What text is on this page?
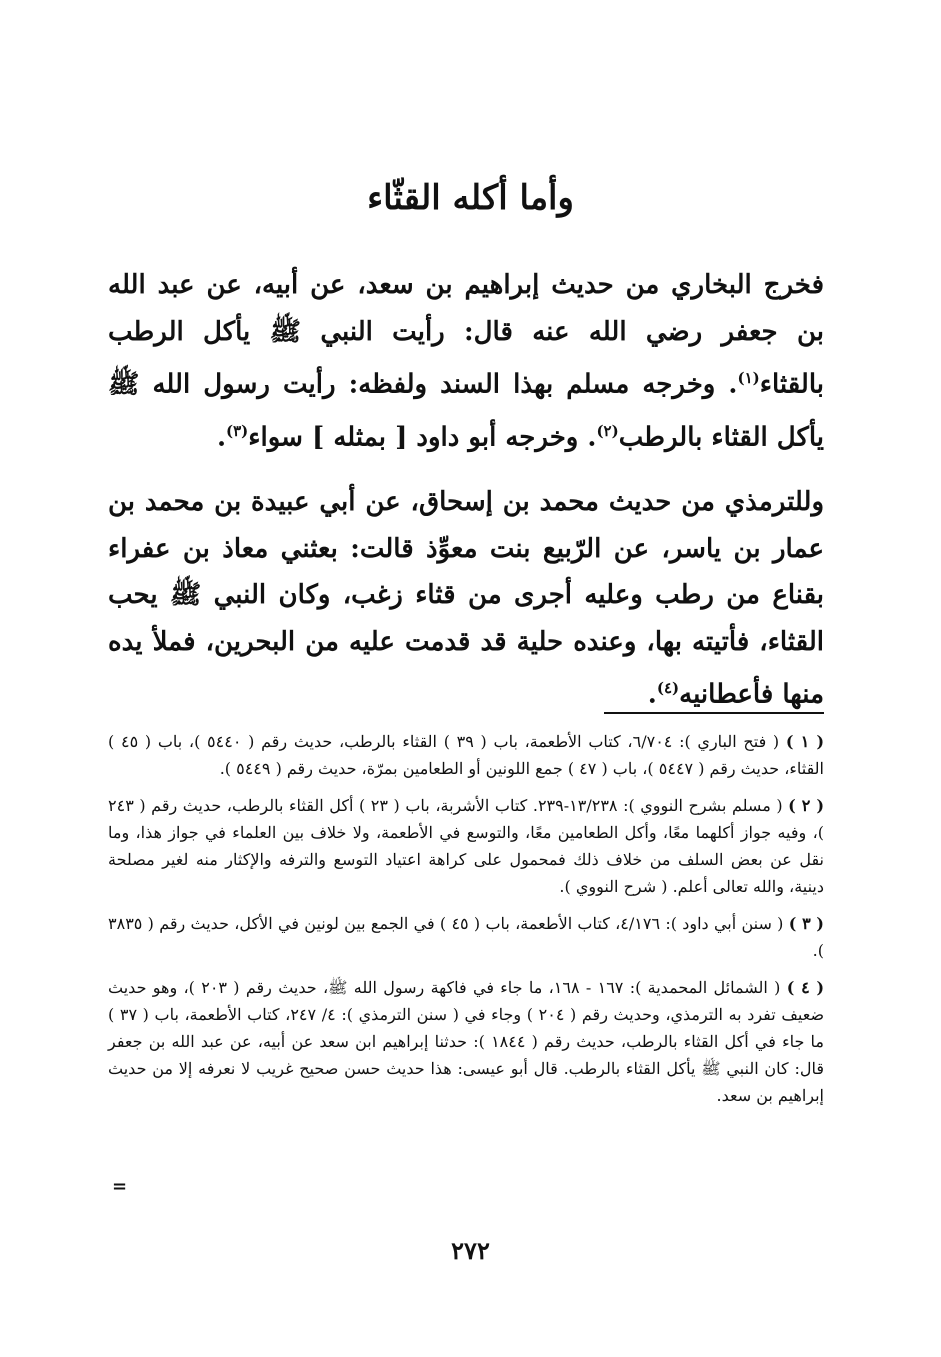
وأما أكله القثّاء

فخرج البخاري من حديث إبراهيم بن سعد، عن أبيه، عن عبد الله بن جعفر رضي الله عنه قال: رأيت النبي ﷺ يأكل الرطب بالقثاء$^{(١)}$. وخرجه مسلم بهذا السند ولفظه: رأيت رسول الله ﷺ يأكل القثاء بالرطب$^{(٢)}$. وخرجه أبو داود [ بمثله ] سواء$^{(٣)}$.

وللترمذي من حديث محمد بن إسحاق، عن أبي عبيدة بن محمد بن عمار بن ياسر، عن الرّبيع بنت معوِّذ قالت: بعثني معاذ بن عفراء بقناع من رطب وعليه أجرى من قثاء زغب، وكان النبي ﷺ يحب القثاء، فأتيته بها، وعنده حلية قد قدمت عليه من البحرين، فملأ يده منها فأعطانيه$^{(٤)}$.

( ١ ) ( فتح الباري ): ٦/٧٠٤، كتاب الأطعمة، باب ( ٣٩ ) القثاء بالرطب، حديث رقم ( ٥٤٤٠ )، باب ( ٤٥ ) القثاء، حديث رقم ( ٥٤٤٧ )، باب ( ٤٧ ) جمع اللونين أو الطعامين بمرّة، حديث رقم ( ٥٤٤٩ ).
( ٢ ) ( مسلم بشرح النووي ): ١٣/٢٣٨-٢٣٩. كتاب الأشربة، باب ( ٢٣ ) أكل القثاء بالرطب، حديث رقم ( ٢٤٣ )، وفيه جواز أكلهما معًا، وأكل الطعامين معًا، والتوسع في الأطعمة، ولا خلاف بين العلماء في جواز هذا، وما نقل عن بعض السلف من خلاف ذلك فمحمول على كراهة اعتياد التوسع والترفه والإكثار منه لغير مصلحة دينية، والله تعالى أعلم. ( شرح النووي ).
( ٣ ) ( سنن أبي داود ): ٤/١٧٦، كتاب الأطعمة، باب ( ٤٥ ) في الجمع بين لونين في الأكل، حديث رقم ( ٣٨٣٥ ).
( ٤ ) ( الشمائل المحمدية ): ١٦٧ - ١٦٨، ما جاء في فاكهة رسول الله ﷺ، حديث رقم ( ٢٠٣ )، وهو حديث ضعيف تفرد به الترمذي، وحديث رقم ( ٢٠٤ ) وجاء في ( سنن الترمذي ): ٤/ ٢٤٧، كتاب الأطعمة، باب ( ٣٧ ) ما جاء في أكل القثاء بالرطب، حديث رقم ( ١٨٤٤ ): حدثنا إبراهيم ابن سعد عن أبيه، عن عبد الله بن جعفر قال: كان النبي ﷺ يأكل القثاء بالرطب. قال أبو عيسى: هذا حديث حسن صحيح غريب لا نعرفه إلا من حديث إبراهيم بن سعد.
=
٢٧٢
